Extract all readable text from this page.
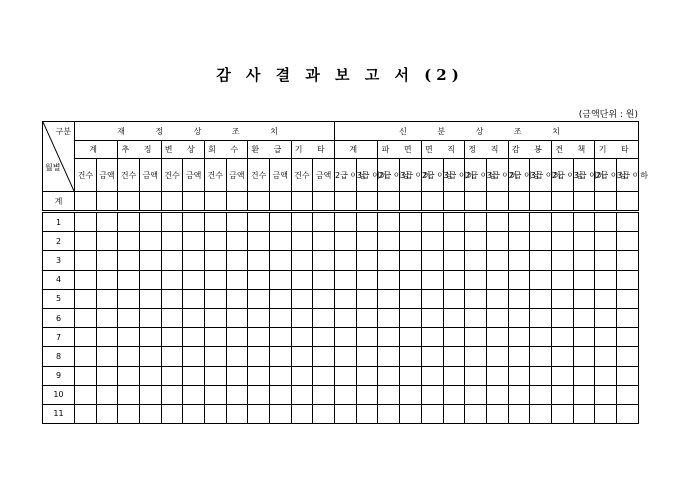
감 사 결 과 보 고 서 (2)
(금액단위 : 원)
구분
월별	재 정 상 조 치												신 분 상 조 치													
	계		추 징		변 상		회 수		환 급		기 타		계		파 면		면 직		정 직		감 봉		견 책		기 타	
	건수	금액	건수	금액	건수	금액	건수	금액	건수	금액	건수	금액	2급 이상	3급 이하	2급 이상	3급 이하	2급 이상	3급 이하	2급 이상	3급 이하	2급 이상	3급 이하	2급 이상	3급 이하	2급 이상	3급 이하
계																										
1																										
2																										
3																										
4																										
5																										
6																										
7																										
8																										
9																										
10																										
11																										
